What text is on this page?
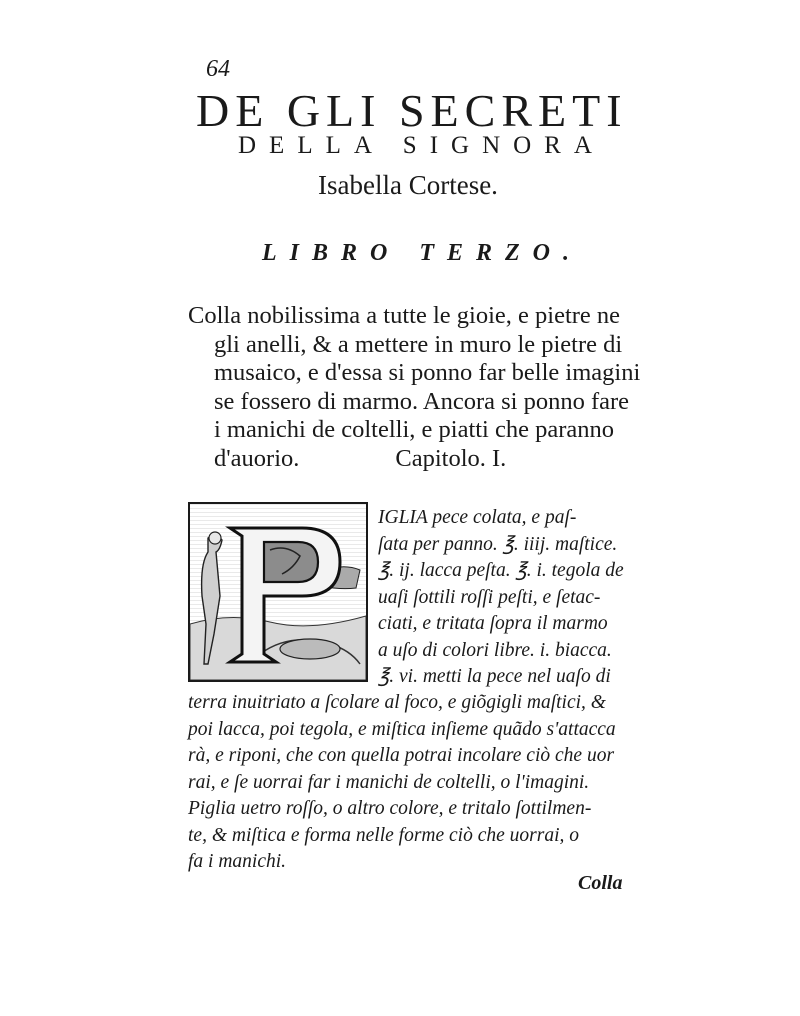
64
DE GLI SECRETI
DELLA SIGNORA
Isabella Cortese.
LIBRO TERZO.
Colla nobilissima a tutte le gioie, e pietre ne
gli anelli, & a mettere in muro le pietre di
musaico, e d'essa si ponno far belle imagini
se fossero di marmo. Ancora si ponno fare
i manichi de coltelli, e piatti che paranno
d'auorio.	Capitolo. I.
IGLIA pece colata, e paſ-
ſata per panno. ℥. iiij. maſtice.
℥. ij. lacca peſta. ℥. i. tegola de
uaſi ſottili roſſi peſti, e ſetac-
ciati, e tritata ſopra il marmo
a uſo di colori libre. i. biacca.
℥. vi. metti la pece nel uaſo di
terra inuitriato a ſcolare al foco, e giõgigli maſtici, &
poi lacca, poi tegola, e miſtica inſieme quãdo s'attacca
rà, e riponi, che con quella potrai incolare ciò che uor
rai, e ſe uorrai far i manichi de coltelli, o l'imagini.
Piglia uetro roſſo, o altro colore, e tritalo ſottilmen-
te, & miſtica e forma nelle forme ciò che uorrai, o
fa i manichi.
Colla
